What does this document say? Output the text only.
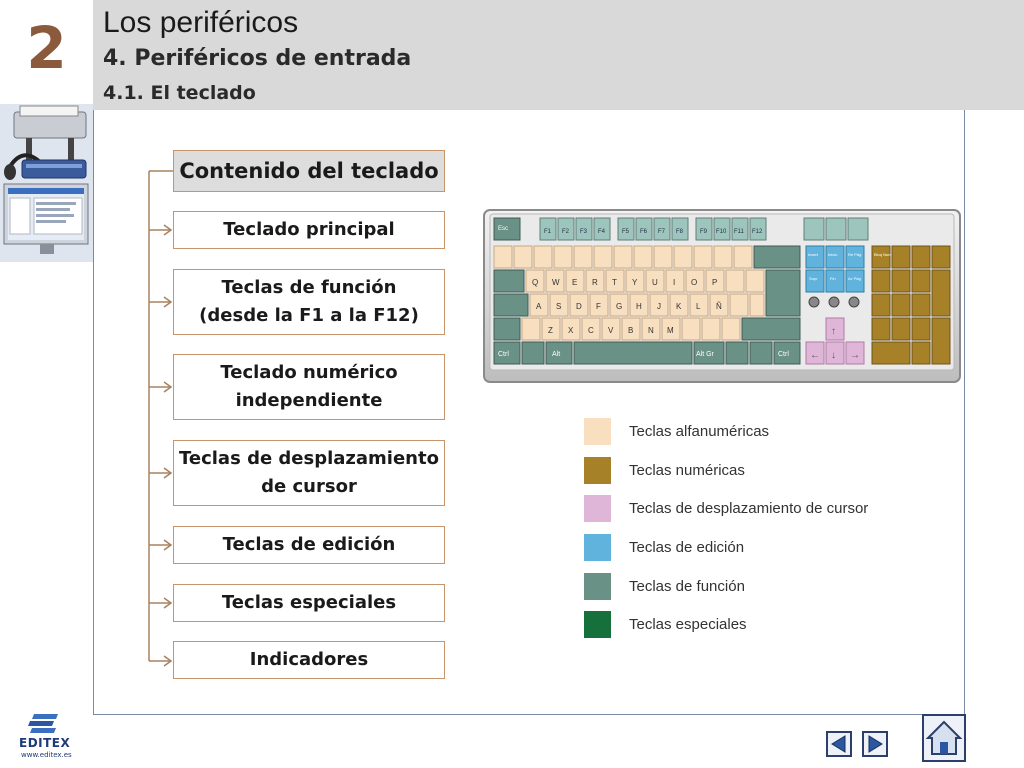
2	Los periféricos
4. Periféricos de entrada
4.1. El teclado
Contenido del teclado
Teclado principal
Teclas de función
(desde la F1 a la F12)
Teclado numérico
independiente
Teclas de desplazamiento
de cursor
Teclas de edición
Teclas especiales
Indicadores
Esc	F1 F2 F3 F4	F5 F6 F7 F8	F9 F10 F11 F12
Q W E R T Y U I O P
A S D F G H J K L Ñ
Z X C V B N M
Ctrl	Alt	Alt Gr	Ctrl
Insert Inicio	Re Pág
Supr	Fin	Av Pág
↑
← ↓ →
Bloq Num
Teclas alfanuméricas
Teclas numéricas
Teclas de desplazamiento de cursor
Teclas de edición
Teclas de función
Teclas especiales
EDITEX
www.editex.es
